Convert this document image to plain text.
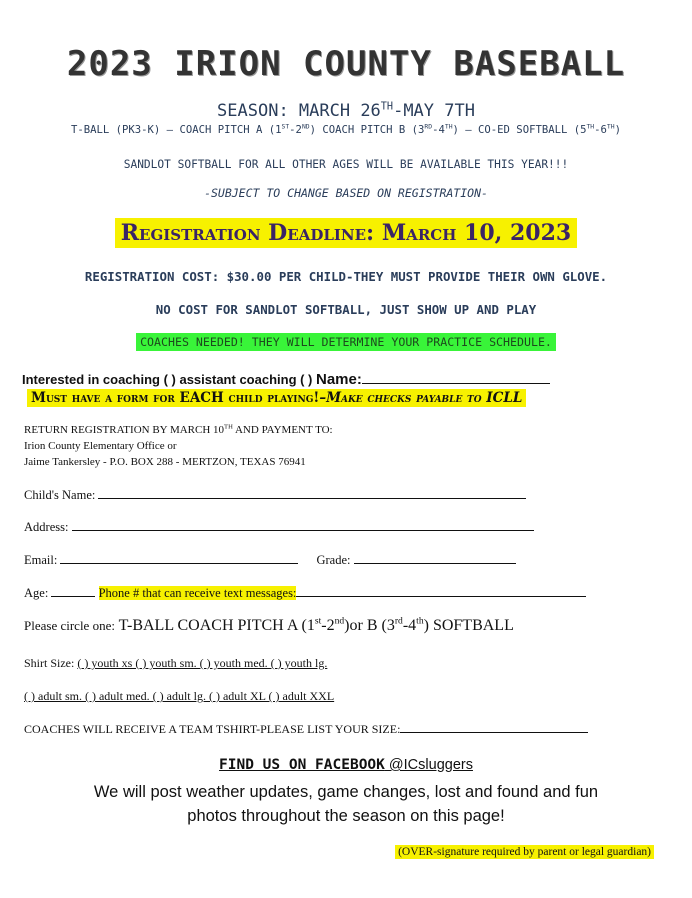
2023 IRION COUNTY BASEBALL
SEASON: MARCH 26TH-MAY 7TH
T-BALL (PK3-K) – COACH PITCH A (1ST-2ND) COACH PITCH B (3RD-4TH) – CO-ED SOFTBALL (5TH-6TH)
SANDLOT SOFTBALL FOR ALL OTHER AGES WILL BE AVAILABLE THIS YEAR!!!
-SUBJECT TO CHANGE BASED ON REGISTRATION-
Registration Deadline: March 10, 2023
REGISTRATION COST: $30.00 PER CHILD-THEY MUST PROVIDE THEIR OWN GLOVE.
NO COST FOR SANDLOT SOFTBALL, JUST SHOW UP AND PLAY
COACHES NEEDED! THEY WILL DETERMINE YOUR PRACTICE SCHEDULE.
Interested in coaching ( ) assistant coaching ( ) Name:
Must have a form for EACH child playing!–Make checks payable to ICLL
RETURN REGISTRATION BY MARCH 10TH AND PAYMENT TO:
Irion County Elementary Office or
Jaime Tankersley - P.O. BOX 288 - MERTZON, TEXAS 76941
Child's Name:
Address:
Email:	Grade:
Age:	Phone # that can receive text messages:
Please circle one: T-BALL COACH PITCH A (1st-2nd)or B (3rd-4th) SOFTBALL
Shirt Size: ( ) youth xs ( ) youth sm. ( ) youth med. ( ) youth lg.
( ) adult sm. ( ) adult med. ( ) adult lg. ( ) adult XL ( ) adult XXL
COACHES WILL RECEIVE A TEAM TSHIRT-PLEASE LIST YOUR SIZE:
FIND US ON FACEBOOK @ICsluggers
We will post weather updates, game changes, lost and found and fun
photos throughout the season on this page!
(OVER-signature required by parent or legal guardian)
